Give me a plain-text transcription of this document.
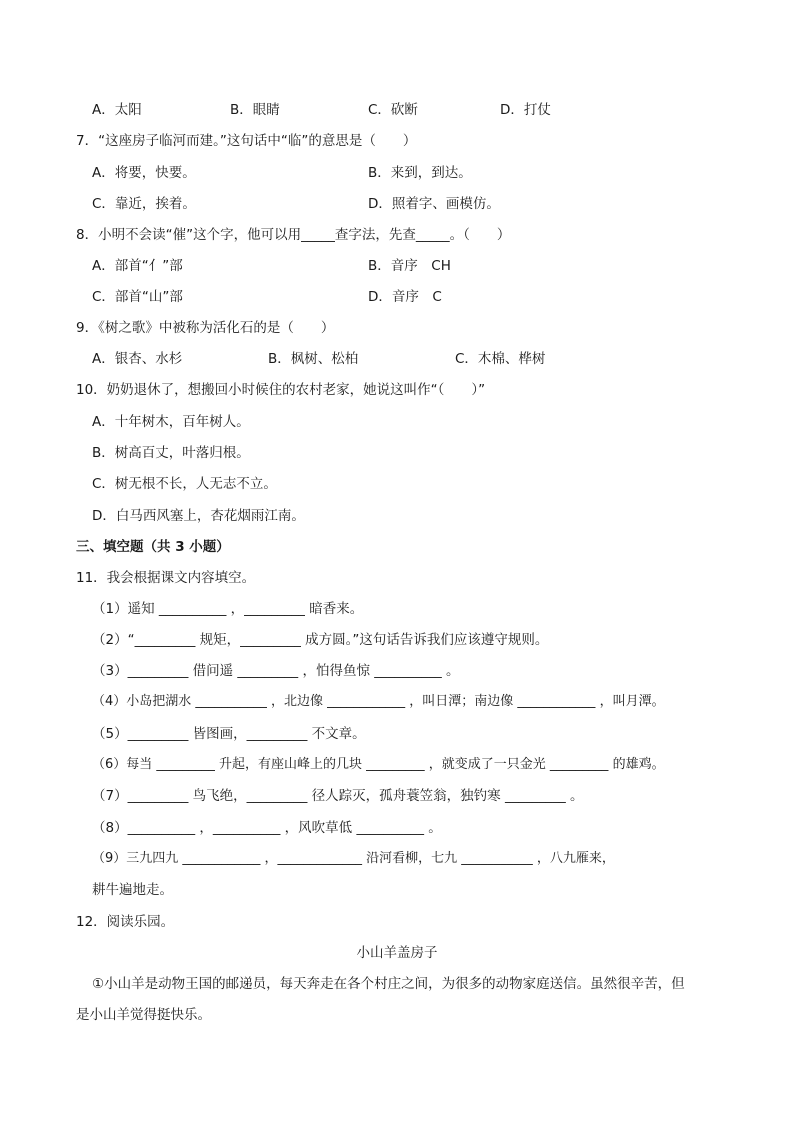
A．太阳	B．眼睛	C．砍断	D．打仗
7．“这座房子临河而建。”这句话中“临”的意思是（　　）
A．将要，快要。	B．来到，到达。
C．靠近，挨着。	D．照着字、画模仿。
8．小明不会读“催”这个字，他可以用_____查字法，先查_____。（　　）
A．部首“亻”部	B．音序　CH
C．部首“山”部	D．音序　C
9．《树之歌》中被称为活化石的是（　　）
A．银杏、水杉	B．枫树、松柏	C．木棉、桦树
10．奶奶退休了，想搬回小时候住的农村老家，她说这叫作“（　　）”
A．十年树木，百年树人。
B．树高百丈，叶落归根。
C．树无根不长，人无志不立。
D．白马西风塞上，杏花烟雨江南。
三、填空题（共 3 小题）
11．我会根据课文内容填空。
（1）遥知 __________ ，_________ 暗香来。
（2）“_________ 规矩，_________ 成方圆。”这句话告诉我们应该遵守规则。
（3）_________ 借问遥 _________ ，怕得鱼惊 __________ 。
（4）小岛把湖水 ___________ ，北边像 ____________ ，叫日潭；南边像 ____________ ，叫月潭。
（5）_________ 皆图画，_________ 不文章。
（6）每当 _________ 升起，有座山峰上的几块 _________ ，就变成了一只金光 _________ 的雄鸡。
（7）_________ 鸟飞绝，_________ 径人踪灭，孤舟蓑笠翁，独钓寒 _________ 。
（8）__________ ，__________ ，风吹草低 __________ 。
（9）三九四九 ____________ ，_____________ 沿河看柳，七九 ___________ ，八九雁来，
耕牛遍地走。
12．阅读乐园。
小山羊盖房子
①小山羊是动物王国的邮递员，每天奔走在各个村庄之间，为很多的动物家庭送信。虽然很辛苦，但
是小山羊觉得挺快乐。
